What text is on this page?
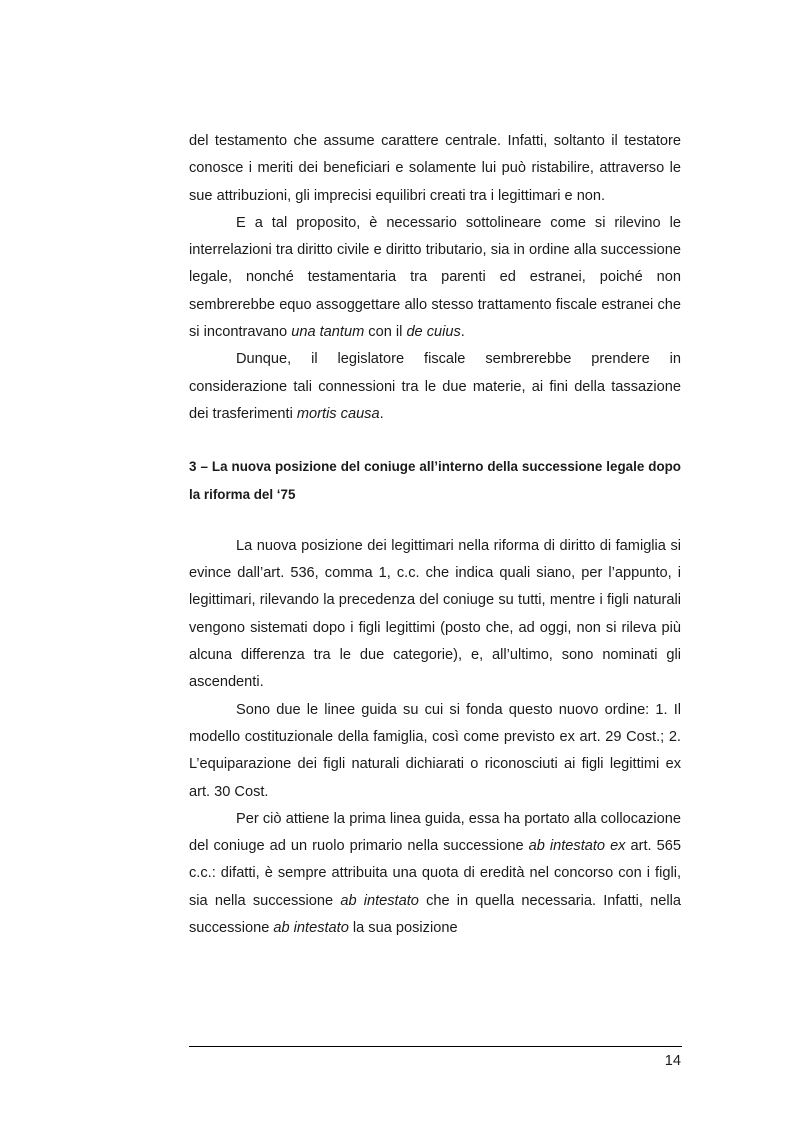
del testamento che assume carattere centrale. Infatti, soltanto il testatore conosce i meriti dei beneficiari e solamente lui può ristabilire, attraverso le sue attribuzioni, gli imprecisi equilibri creati tra i legittimari e non.

E a tal proposito, è necessario sottolineare come si rilevino le interrelazioni tra diritto civile e diritto tributario, sia in ordine alla successione legale, nonché testamentaria tra parenti ed estranei, poiché non sembrerebbe equo assoggettare allo stesso trattamento fiscale estranei che si incontravano una tantum con il de cuius.

Dunque, il legislatore fiscale sembrerebbe prendere in considerazione tali connessioni tra le due materie, ai fini della tassazione dei trasferimenti mortis causa.

3 – La nuova posizione del coniuge all’interno della successione legale dopo la riforma del ‘75

La nuova posizione dei legittimari nella riforma di diritto di famiglia si evince dall’art. 536, comma 1, c.c. che indica quali siano, per l’appunto, i legittimari, rilevando la precedenza del coniuge su tutti, mentre i figli naturali vengono sistemati dopo i figli legittimi (posto che, ad oggi, non si rileva più alcuna differenza tra le due categorie), e, all’ultimo, sono nominati gli ascendenti.

Sono due le linee guida su cui si fonda questo nuovo ordine: 1. Il modello costituzionale della famiglia, così come previsto ex art. 29 Cost.; 2. L’equiparazione dei figli naturali dichiarati o riconosciuti ai figli legittimi ex art. 30 Cost.

Per ciò attiene la prima linea guida, essa ha portato alla collocazione del coniuge ad un ruolo primario nella successione ab intestato ex art. 565 c.c.: difatti, è sempre attribuita una quota di eredità nel concorso con i figli, sia nella successione ab intestato che in quella necessaria. Infatti, nella successione ab intestato la sua posizione

14
